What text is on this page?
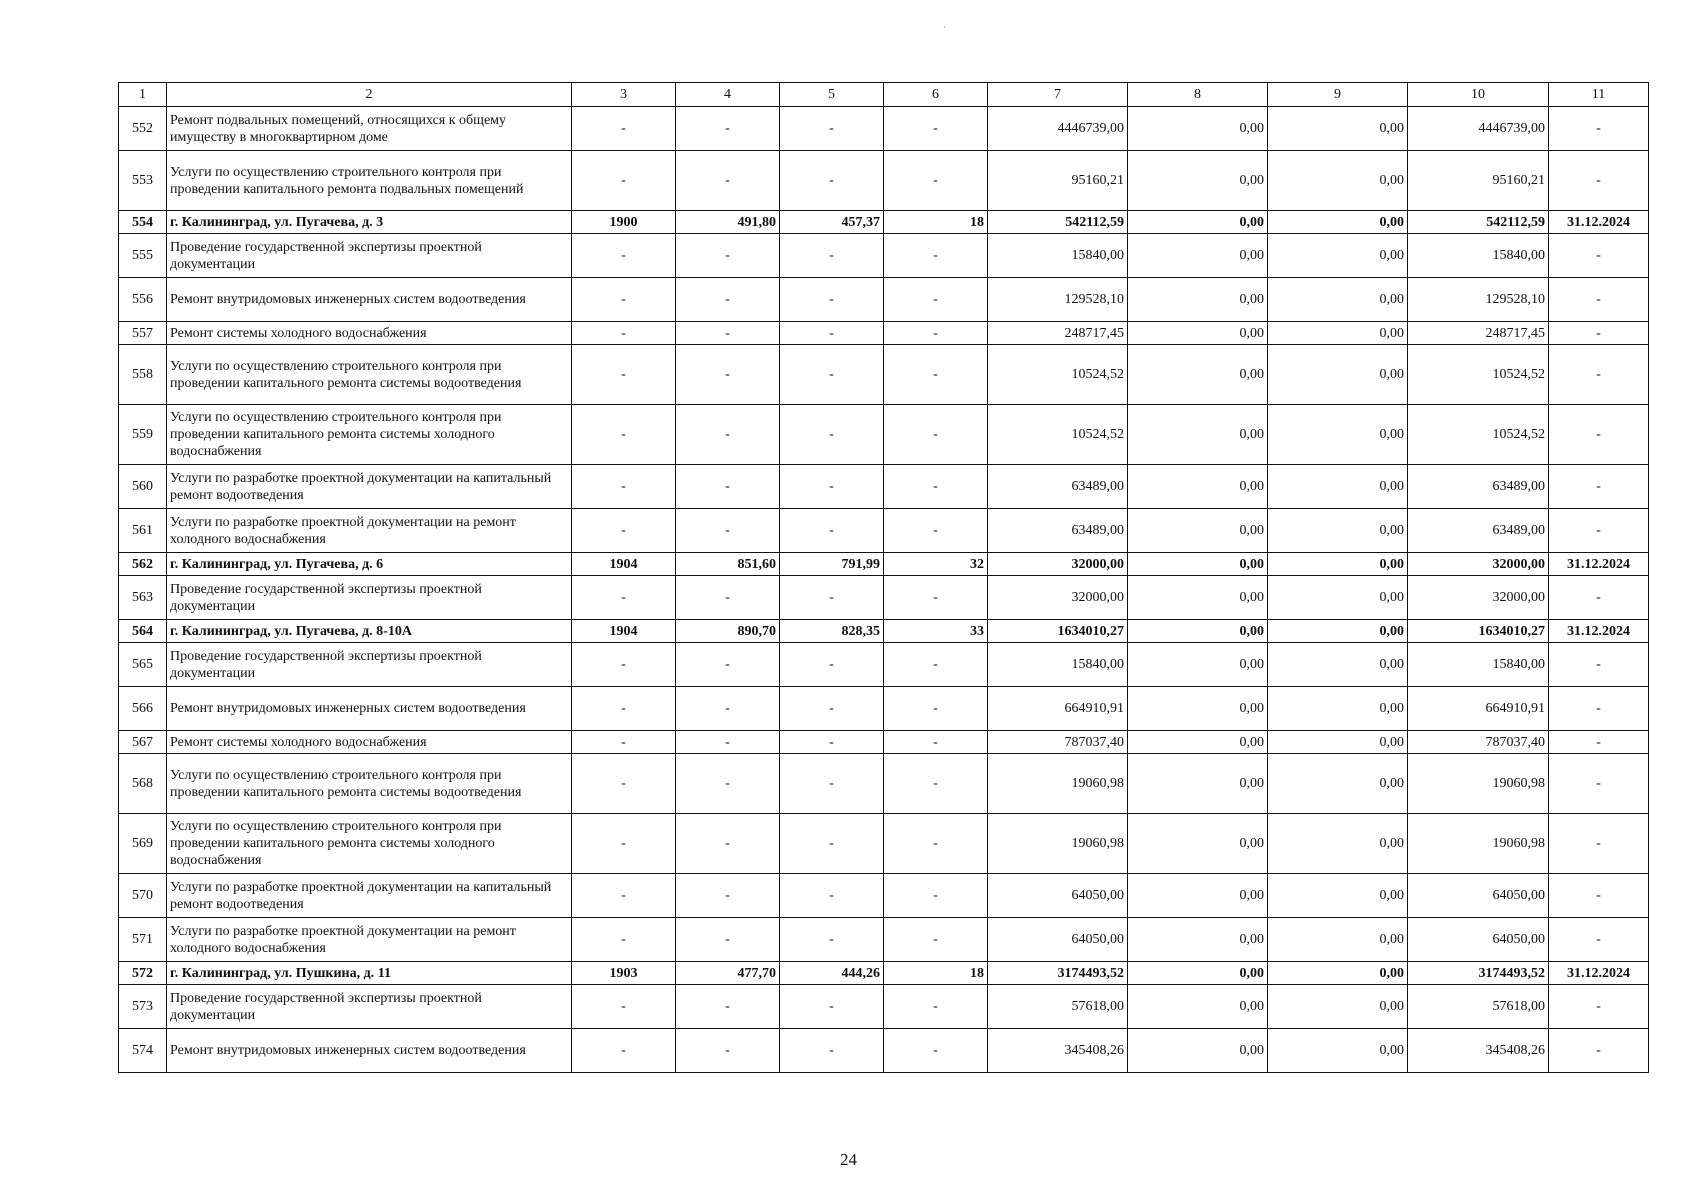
·
1	2	3	4	5	6	7	8	9	10	11
552	Ремонт подвальных помещений, относящихся к общему имуществу в многоквартирном доме	-	-	-	-	4446739,00	0,00	0,00	4446739,00	-
553	Услуги по осуществлению строительного контроля при проведении капитального ремонта подвальных помещений	-	-	-	-	95160,21	0,00	0,00	95160,21	-
554	г. Калининград, ул. Пугачева, д. 3	1900	491,80	457,37	18	542112,59	0,00	0,00	542112,59	31.12.2024
555	Проведение государственной экспертизы проектной документации	-	-	-	-	15840,00	0,00	0,00	15840,00	-
556	Ремонт внутридомовых инженерных систем водоотведения	-	-	-	-	129528,10	0,00	0,00	129528,10	-
557	Ремонт системы холодного водоснабжения	-	-	-	-	248717,45	0,00	0,00	248717,45	-
558	Услуги по осуществлению строительного контроля при проведении капитального ремонта системы водоотведения	-	-	-	-	10524,52	0,00	0,00	10524,52	-
559	Услуги по осуществлению строительного контроля при проведении капитального ремонта системы холодного водоснабжения	-	-	-	-	10524,52	0,00	0,00	10524,52	-
560	Услуги по разработке проектной документации на капитальный ремонт водоотведения	-	-	-	-	63489,00	0,00	0,00	63489,00	-
561	Услуги по разработке проектной документации на ремонт холодного водоснабжения	-	-	-	-	63489,00	0,00	0,00	63489,00	-
562	г. Калининград, ул. Пугачева, д. 6	1904	851,60	791,99	32	32000,00	0,00	0,00	32000,00	31.12.2024
563	Проведение государственной экспертизы проектной документации	-	-	-	-	32000,00	0,00	0,00	32000,00	-
564	г. Калининград, ул. Пугачева, д. 8-10А	1904	890,70	828,35	33	1634010,27	0,00	0,00	1634010,27	31.12.2024
565	Проведение государственной экспертизы проектной документации	-	-	-	-	15840,00	0,00	0,00	15840,00	-
566	Ремонт внутридомовых инженерных систем водоотведения	-	-	-	-	664910,91	0,00	0,00	664910,91	-
567	Ремонт системы холодного водоснабжения	-	-	-	-	787037,40	0,00	0,00	787037,40	-
568	Услуги по осуществлению строительного контроля при проведении капитального ремонта системы водоотведения	-	-	-	-	19060,98	0,00	0,00	19060,98	-
569	Услуги по осуществлению строительного контроля при проведении капитального ремонта системы холодного водоснабжения	-	-	-	-	19060,98	0,00	0,00	19060,98	-
570	Услуги по разработке проектной документации на капитальный ремонт водоотведения	-	-	-	-	64050,00	0,00	0,00	64050,00	-
571	Услуги по разработке проектной документации на ремонт холодного водоснабжения	-	-	-	-	64050,00	0,00	0,00	64050,00	-
572	г. Калининград, ул. Пушкина, д. 11	1903	477,70	444,26	18	3174493,52	0,00	0,00	3174493,52	31.12.2024
573	Проведение государственной экспертизы проектной документации	-	-	-	-	57618,00	0,00	0,00	57618,00	-
574	Ремонт внутридомовых инженерных систем водоотведения	-	-	-	-	345408,26	0,00	0,00	345408,26	-
24
